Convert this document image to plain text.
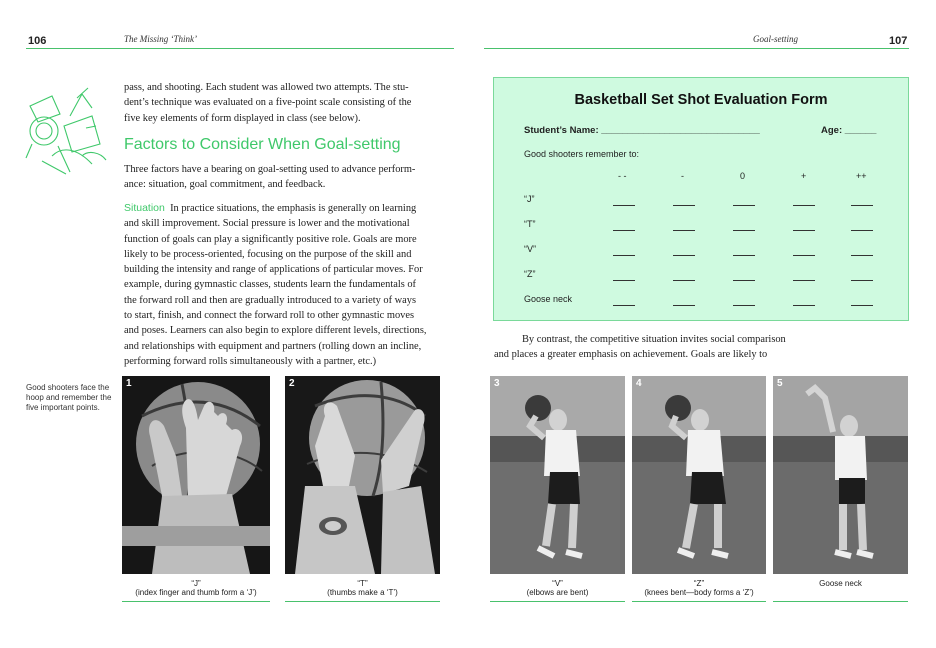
106	The Missing ‘Think’	Goal-setting	107
pass, and shooting. Each student was allowed two attempts. The stu-
dent’s technique was evaluated on a five-point scale consisting of the
five key elements of form displayed in class (see below).
Factors to Consider When Goal-setting
Three factors have a bearing on goal-setting used to advance perform-
ance: situation, goal commitment, and feedback.
Situation In practice situations, the emphasis is generally on learning
and skill improvement. Social pressure is lower and the motivational
function of goals can play a significantly positive role. Goals are more
likely to be process-oriented, focusing on the purpose of the skill and
building the intensity and range of applications of particular moves. For
example, during gymnastic classes, students learn the fundamentals of
the forward roll and then are gradually introduced to a variety of ways
to start, finish, and connect the forward roll to other gymnastic moves
and poses. Learners can also begin to explore different levels, directions,
and relationships with equipment and partners (rolling down an incline,
performing forward rolls simultaneously with a partner, etc.)
Good shooters face the
hoop and remember the
five important points.
Basketball Set Shot Evaluation Form
Student’s Name: ______________________________	Age: ______
Good shooters remember to:
- -	-	0	+	++
“J”
“T”
“V”
“Z”
Goose neck
By contrast, the competitive situation invites social comparison
and places a greater emphasis on achievement. Goals are likely to
1	2	3	4	5
“J”
(index finger and thumb form a ‘J’)
“T”
(thumbs make a ‘T’)
“V”
(elbows are bent)
“Z”
(knees bent—body forms a ‘Z’)
Goose neck
